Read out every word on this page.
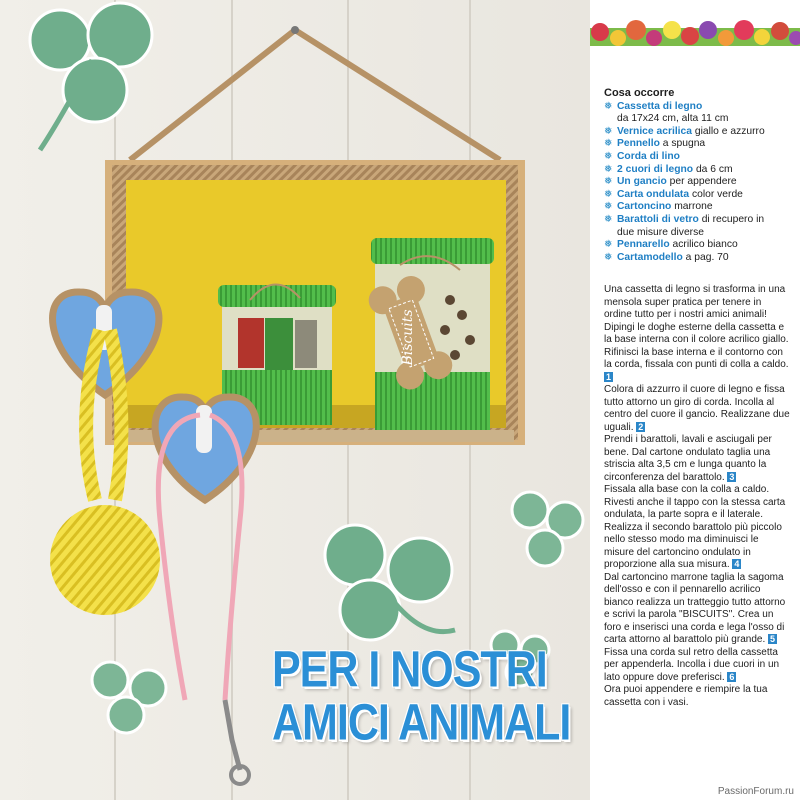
Biscuits
PER I NOSTRI
AMICI ANIMALI
Cosa occorre
❅ Cassetta di legno
da 17x24 cm, alta 11 cm
❅ Vernice acrilica giallo e azzurro
❅ Pennello a spugna
❅ Corda di lino
❅ 2 cuori di legno da 6 cm
❅ Un gancio per appendere
❅ Carta ondulata color verde
❅ Cartoncino marrone
❅ Barattoli di vetro di recupero in
due misure diverse
❅ Pennarello acrilico bianco
❅ Cartamodello a pag. 70

Una cassetta di legno si trasforma in una mensola super pratica per tenere in ordine tutto per i nostri amici animali!

Dipingi le doghe esterne della cassetta e la base interna con il colore acrilico giallo. Rifinisci la base interna e il contorno con la corda, fissala con punti di colla a caldo. 1

Colora di azzurro il cuore di legno e fissa tutto attorno un giro di corda. Incolla al centro del cuore il gancio. Realizzane due uguali. 2

Prendi i barattoli, lavali e asciugali per bene. Dal cartone ondulato taglia una striscia alta 3,5 cm e lunga quanto la circonferenza del barattolo. 3

Fissala alla base con la colla a caldo. Rivesti anche il tappo con la stessa carta ondulata, la parte sopra e il laterale. Realizza il secondo barattolo più piccolo nello stesso modo ma diminuisci le misure del cartoncino ondulato in proporzione alla sua misura. 4

Dal cartoncino marrone taglia la sagoma dell'osso e con il pennarello acrilico bianco realizza un tratteggio tutto attorno e scrivi la parola "BISCUITS". Crea un foro e inserisci una corda e lega l'osso di carta attorno al barattolo più grande. 5

Fissa una corda sul retro della cassetta per appenderla. Incolla i due cuori in un lato oppure dove preferisci. 6

Ora puoi appendere e riempire la tua cassetta con i vasi.

PassionForum.ru
